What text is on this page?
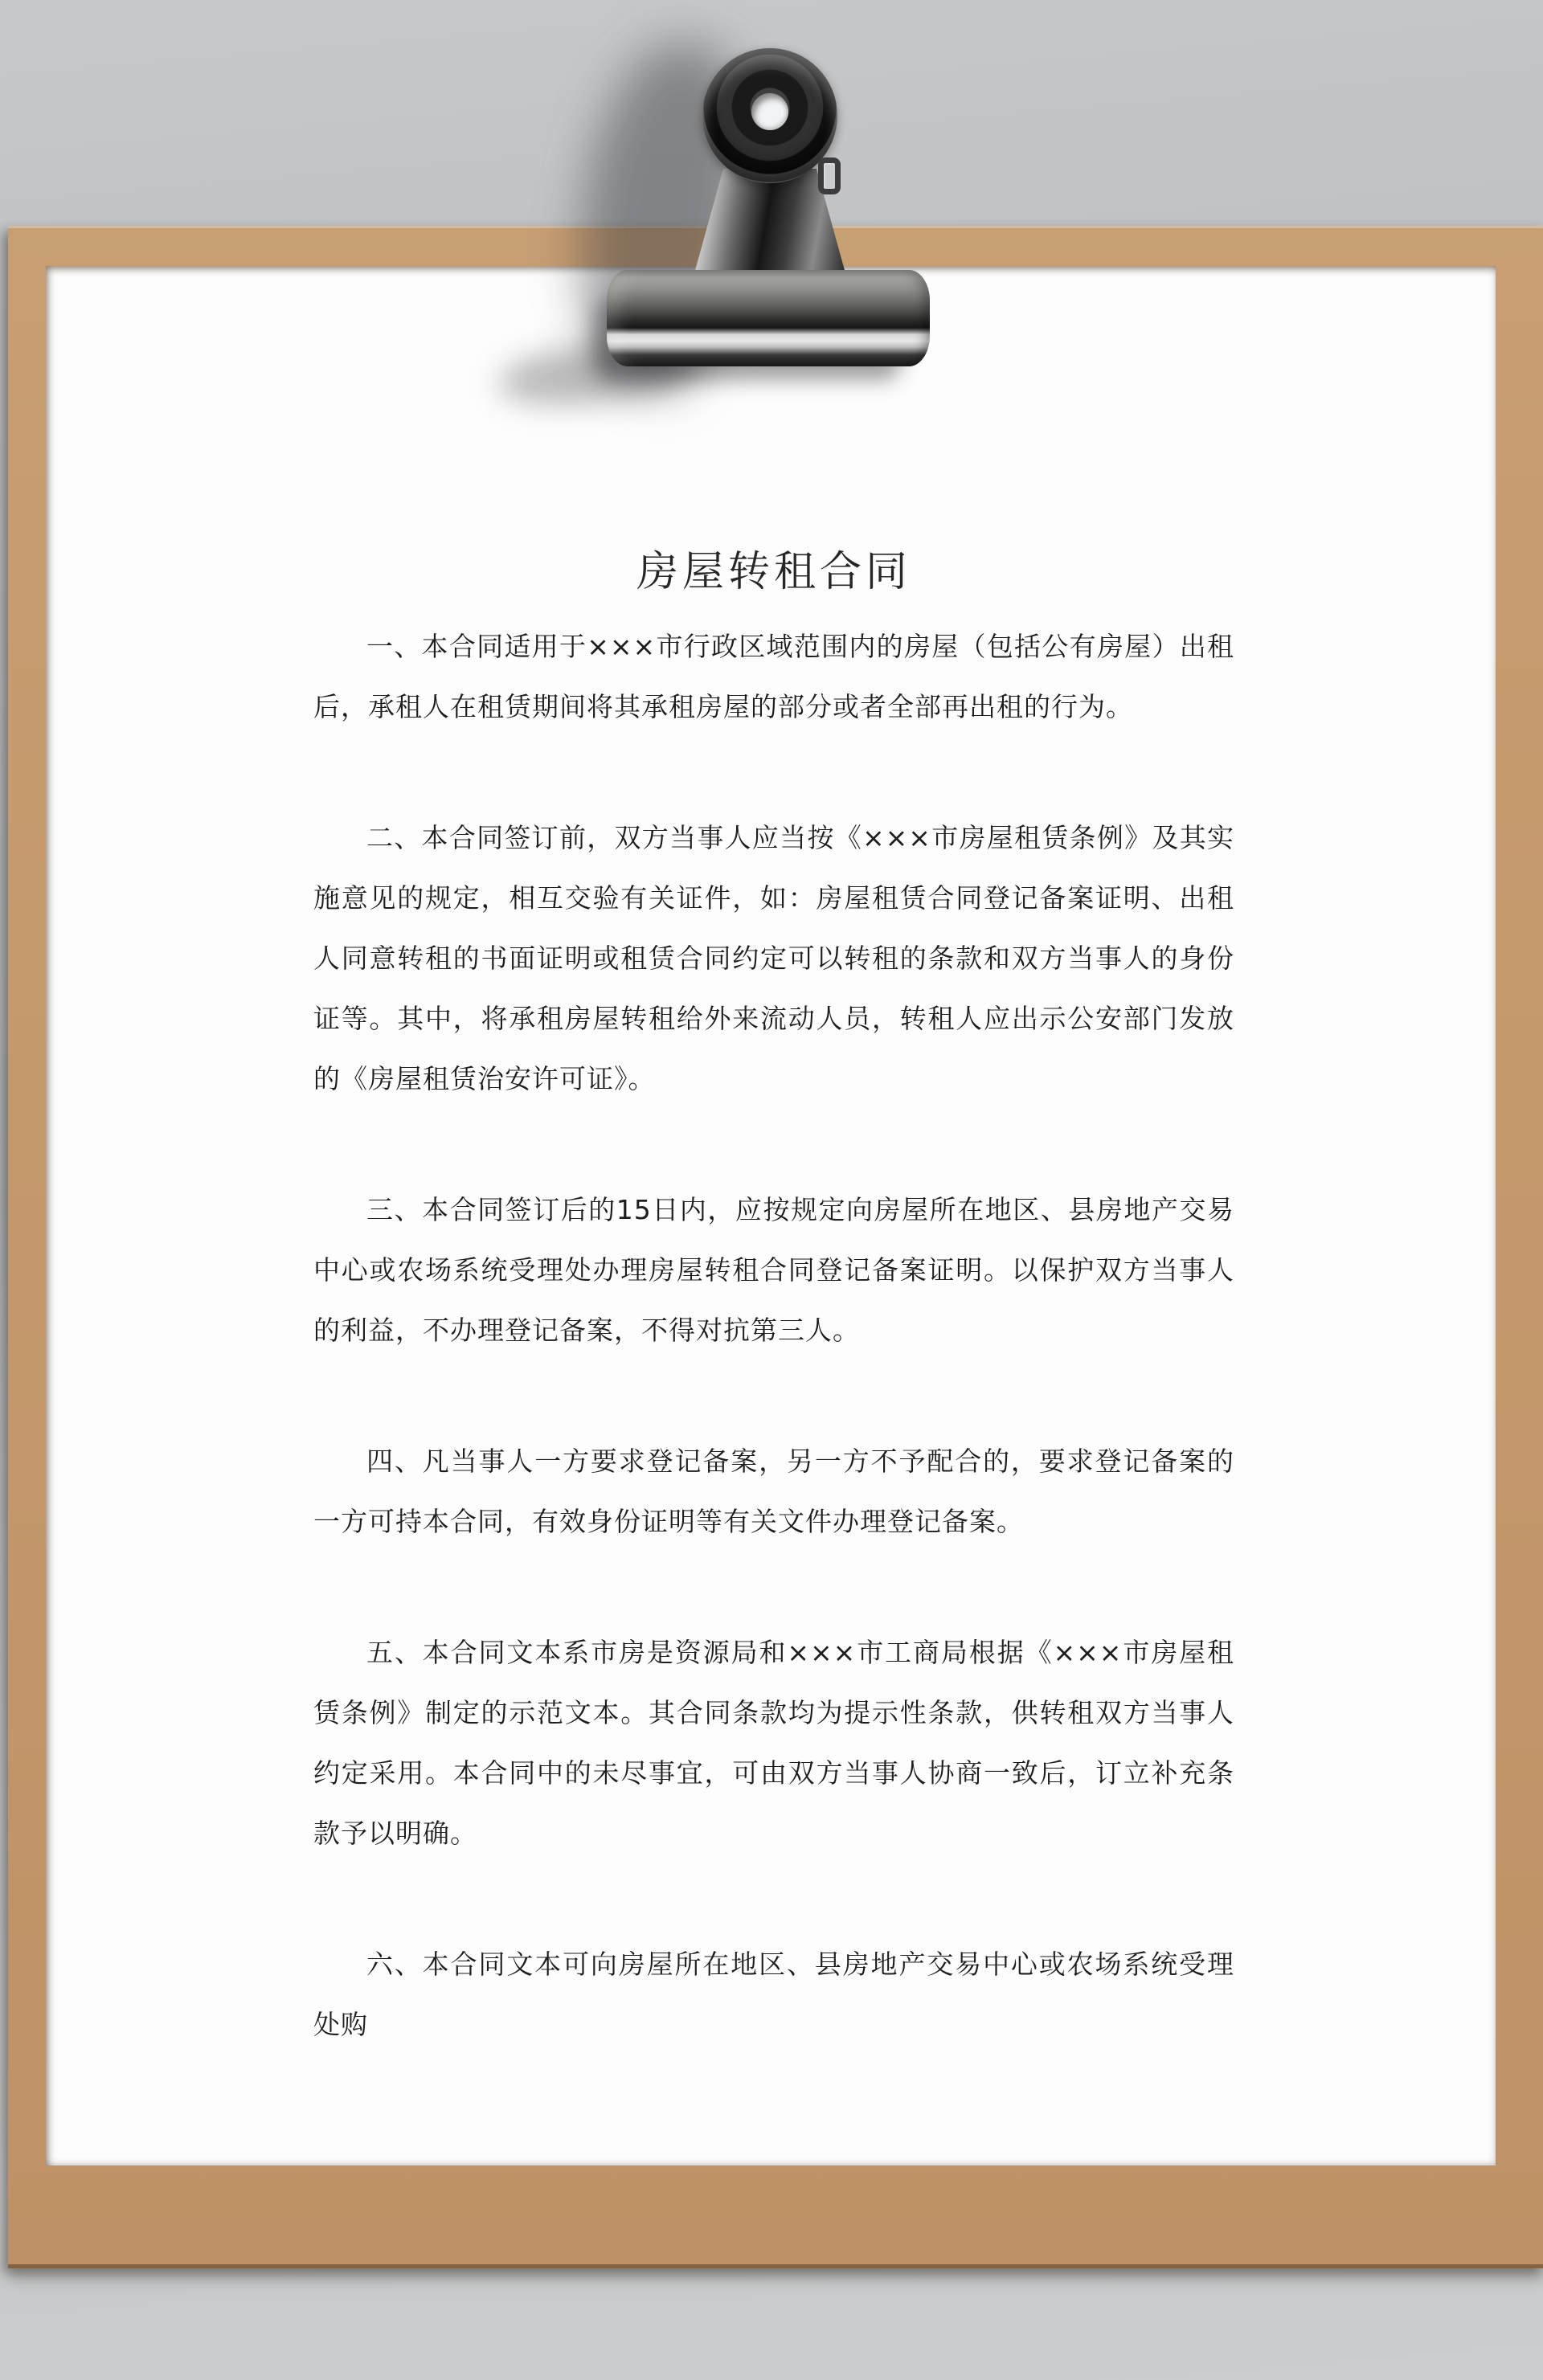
房屋转租合同

一、本合同适用于×××市行政区域范围内的房屋（包括公有房屋）出租后，承租人在租赁期间将其承租房屋的部分或者全部再出租的行为。

二、本合同签订前，双方当事人应当按《×××市房屋租赁条例》及其实施意见的规定，相互交验有关证件，如：房屋租赁合同登记备案证明、出租人同意转租的书面证明或租赁合同约定可以转租的条款和双方当事人的身份证等。其中，将承租房屋转租给外来流动人员，转租人应出示公安部门发放的《房屋租赁治安许可证》。

三、本合同签订后的15日内，应按规定向房屋所在地区、县房地产交易中心或农场系统受理处办理房屋转租合同登记备案证明。以保护双方当事人的利益，不办理登记备案，不得对抗第三人。

四、凡当事人一方要求登记备案，另一方不予配合的，要求登记备案的一方可持本合同，有效身份证明等有关文件办理登记备案。

五、本合同文本系市房是资源局和×××市工商局根据《×××市房屋租赁条例》制定的示范文本。其合同条款均为提示性条款，供转租双方当事人约定采用。本合同中的未尽事宜，可由双方当事人协商一致后，订立补充条款予以明确。

六、本合同文本可向房屋所在地区、县房地产交易中心或农场系统受理处购
